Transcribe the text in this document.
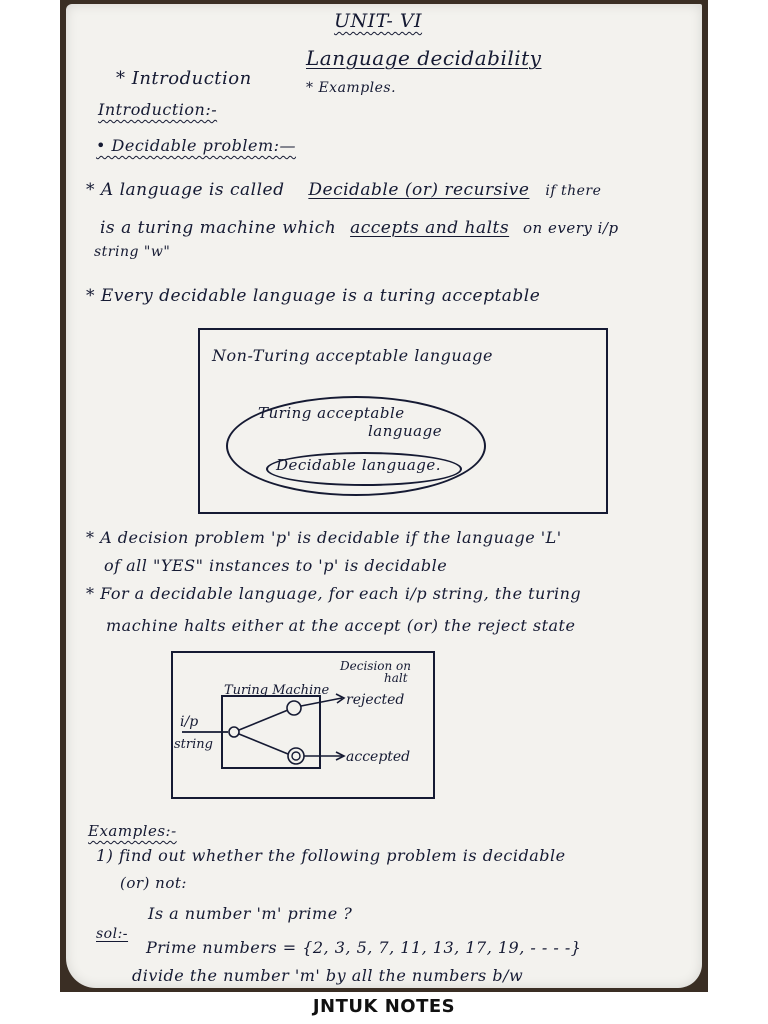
UNIT- VI
Language decidability
* Introduction	* Examples.
Introduction:-
• Decidable problem:—
* A language is called Decidable (or) recursive if there
is a turing machine which accepts and halts on every i/p
string "w"
* Every decidable language is a turing acceptable
Non-Turing acceptable language
Turing acceptable
language
Decidable language.
* A decision problem 'p' is decidable if the language 'L'
of all "YES" instances to 'p' is decidable
* For a decidable language, for each i/p string, the turing
machine halts either at the accept (or) the reject state
Decision on
halt
Turing Machine
i/p
string
rejected
accepted
Examples:-
1) find out whether the following problem is decidable
(or) not:
Is a number 'm' prime ?
sol:-
Prime numbers = {2, 3, 5, 7, 11, 13, 17, 19, - - - -}
divide the number 'm' by all the numbers b/w
JNTUK NOTES
